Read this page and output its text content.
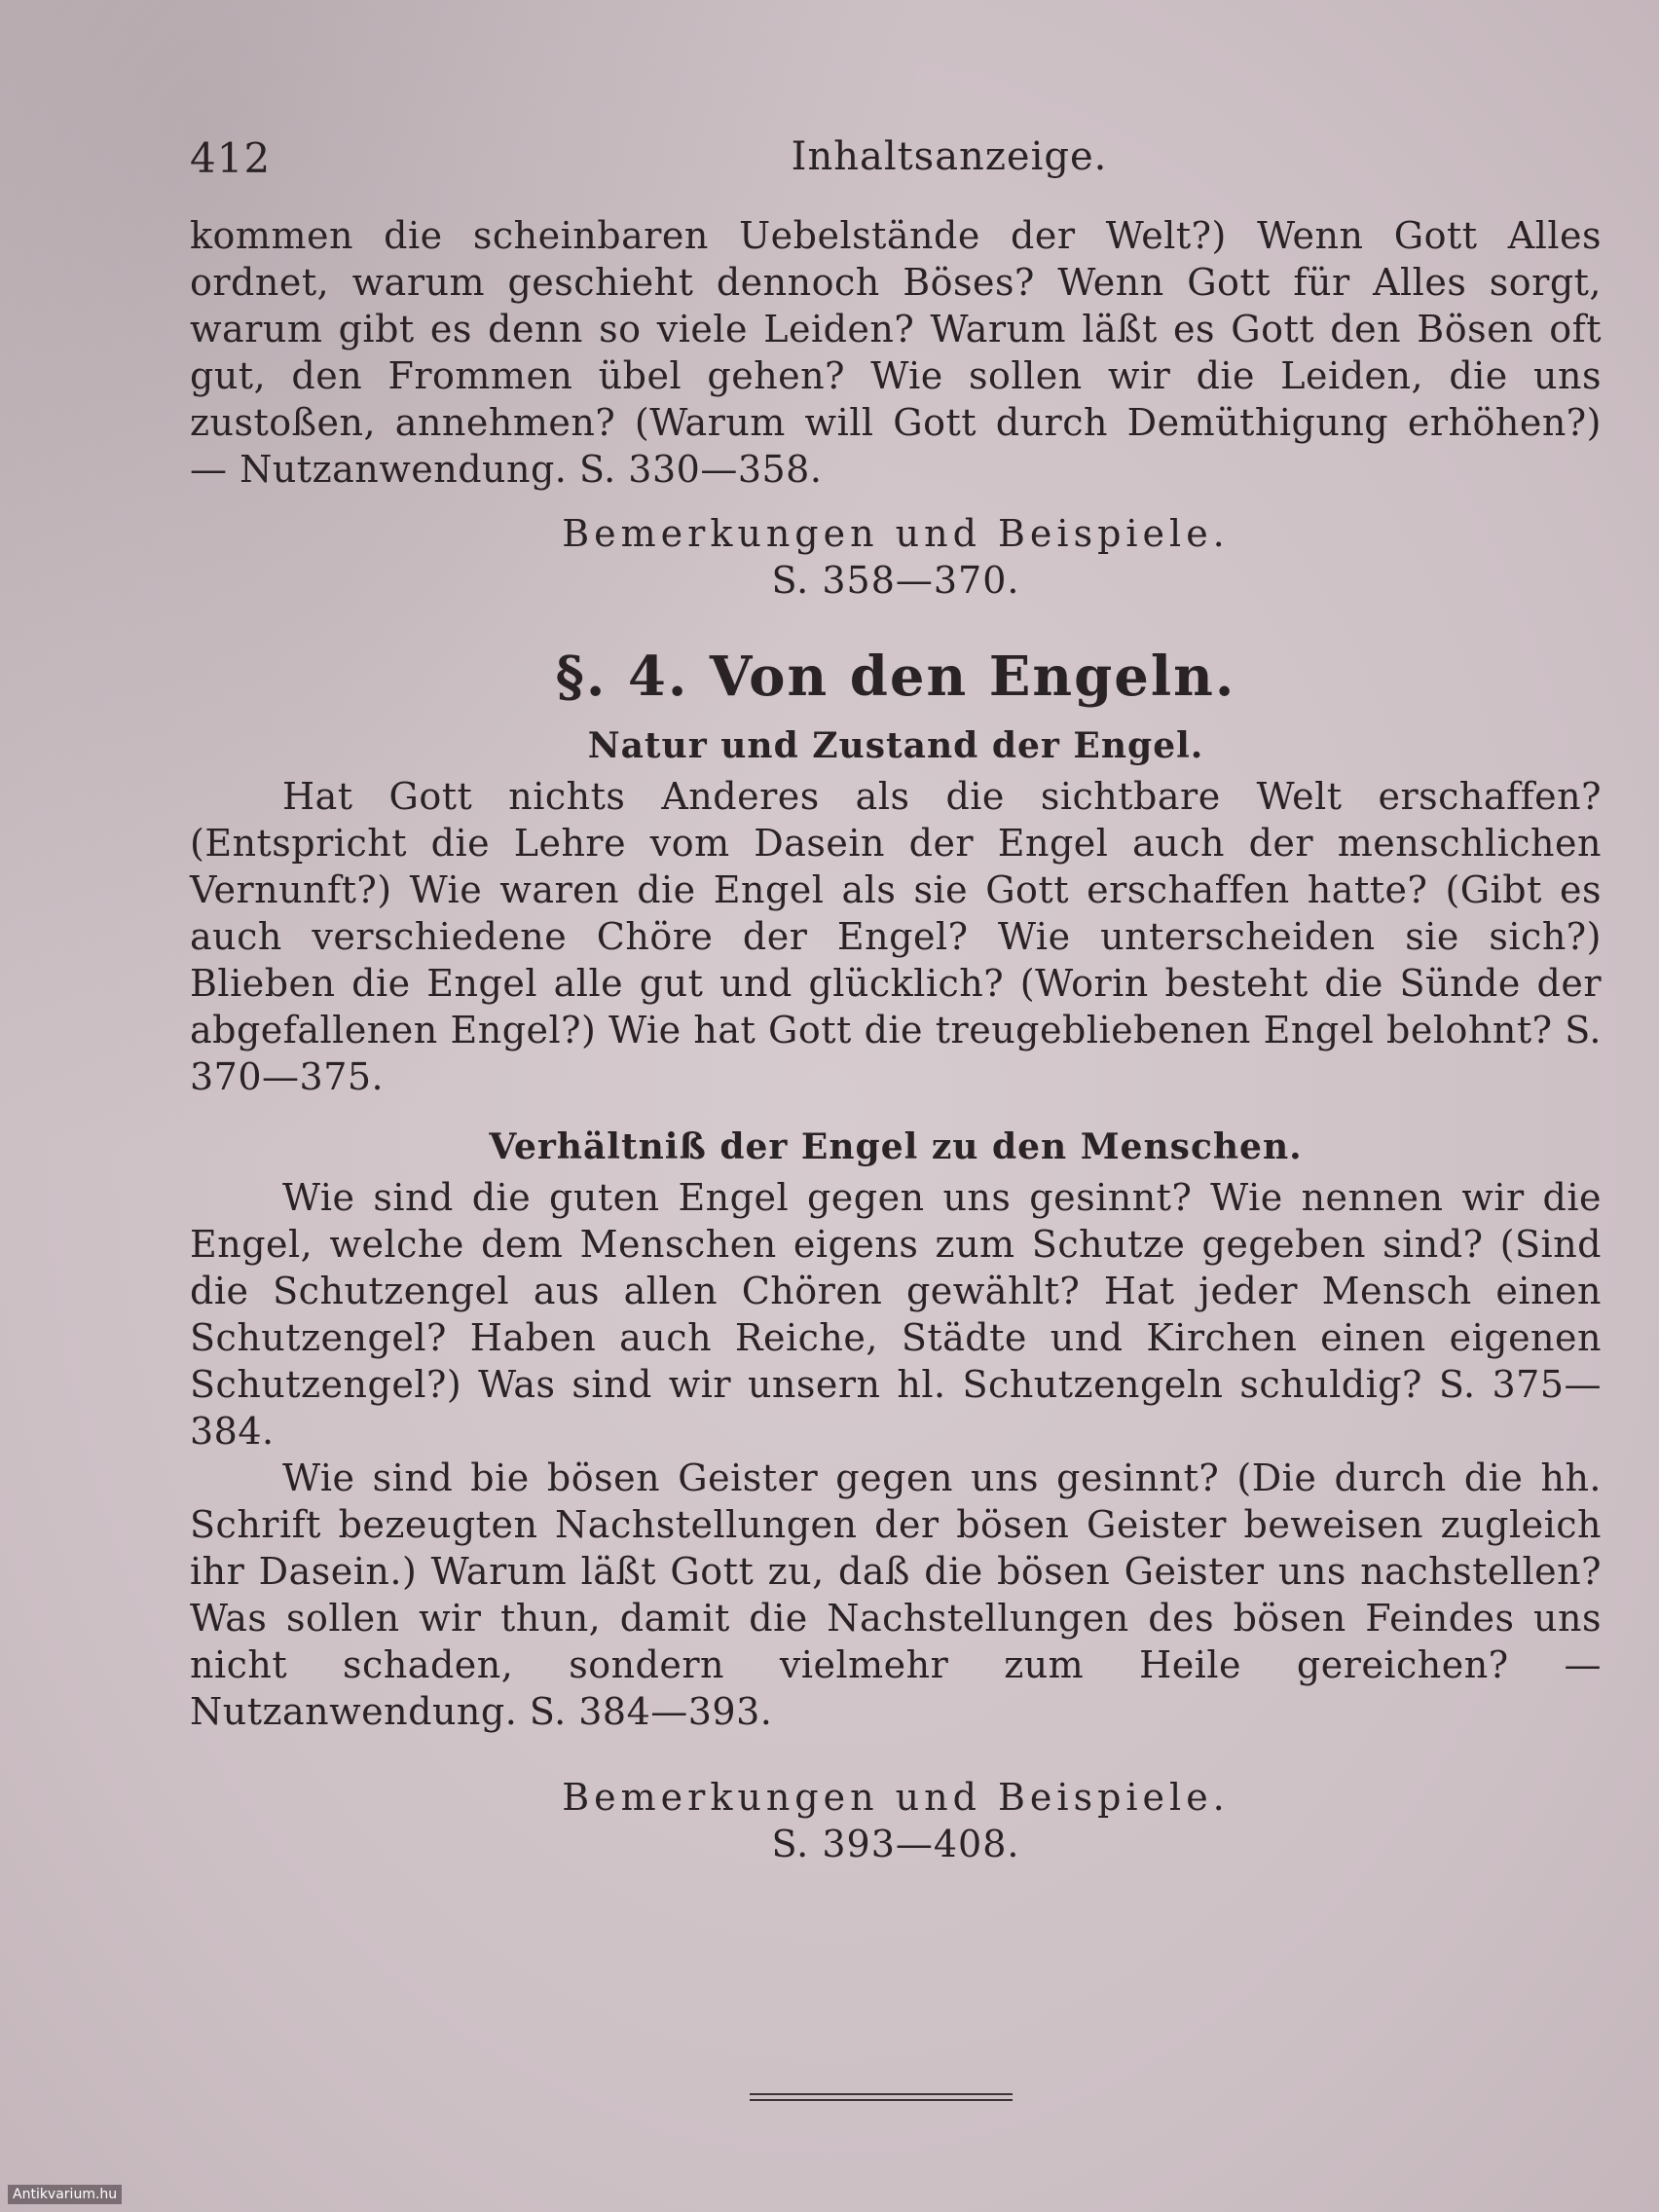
412	Inhaltsanzeige.

kommen die scheinbaren Uebelstände der Welt?) Wenn Gott Alles ordnet, warum geschieht dennoch Böses? Wenn Gott für Alles sorgt, warum gibt es denn so viele Leiden? Warum läßt es Gott den Bösen oft gut, den Frommen übel gehen? Wie sollen wir die Leiden, die uns zustoßen, annehmen? (Warum will Gott durch Demüthigung erhöhen?) — Nutzanwendung. S. 330—358.

Bemerkungen und Beispiele.

S. 358—370.

§. 4. Von den Engeln.
Natur und Zustand der Engel.

Hat Gott nichts Anderes als die sichtbare Welt erschaffen? (Entspricht die Lehre vom Dasein der Engel auch der menschlichen Vernunft?) Wie waren die Engel als sie Gott erschaffen hatte? (Gibt es auch verschiedene Chöre der Engel? Wie unterscheiden sie sich?) Blieben die Engel alle gut und glücklich? (Worin besteht die Sünde der abgefallenen Engel?) Wie hat Gott die treugebliebenen Engel belohnt? S. 370—375.

Verhältniß der Engel zu den Menschen.

Wie sind die guten Engel gegen uns gesinnt? Wie nennen wir die Engel, welche dem Menschen eigens zum Schutze gegeben sind? (Sind die Schutzengel aus allen Chören gewählt? Hat jeder Mensch einen Schutzengel? Haben auch Reiche, Städte und Kirchen einen eigenen Schutzengel?) Was sind wir unsern hl. Schutzengeln schuldig? S. 375—384.

Wie sind bie bösen Geister gegen uns gesinnt? (Die durch die hh. Schrift bezeugten Nachstellungen der bösen Geister beweisen zugleich ihr Dasein.) Warum läßt Gott zu, daß die bösen Geister uns nachstellen? Was sollen wir thun, damit die Nachstellungen des bösen Feindes uns nicht schaden, sondern vielmehr zum Heile gereichen? — Nutzanwendung. S. 384—393.

Bemerkungen und Beispiele.

S. 393—408.

Antikvarium.hu
